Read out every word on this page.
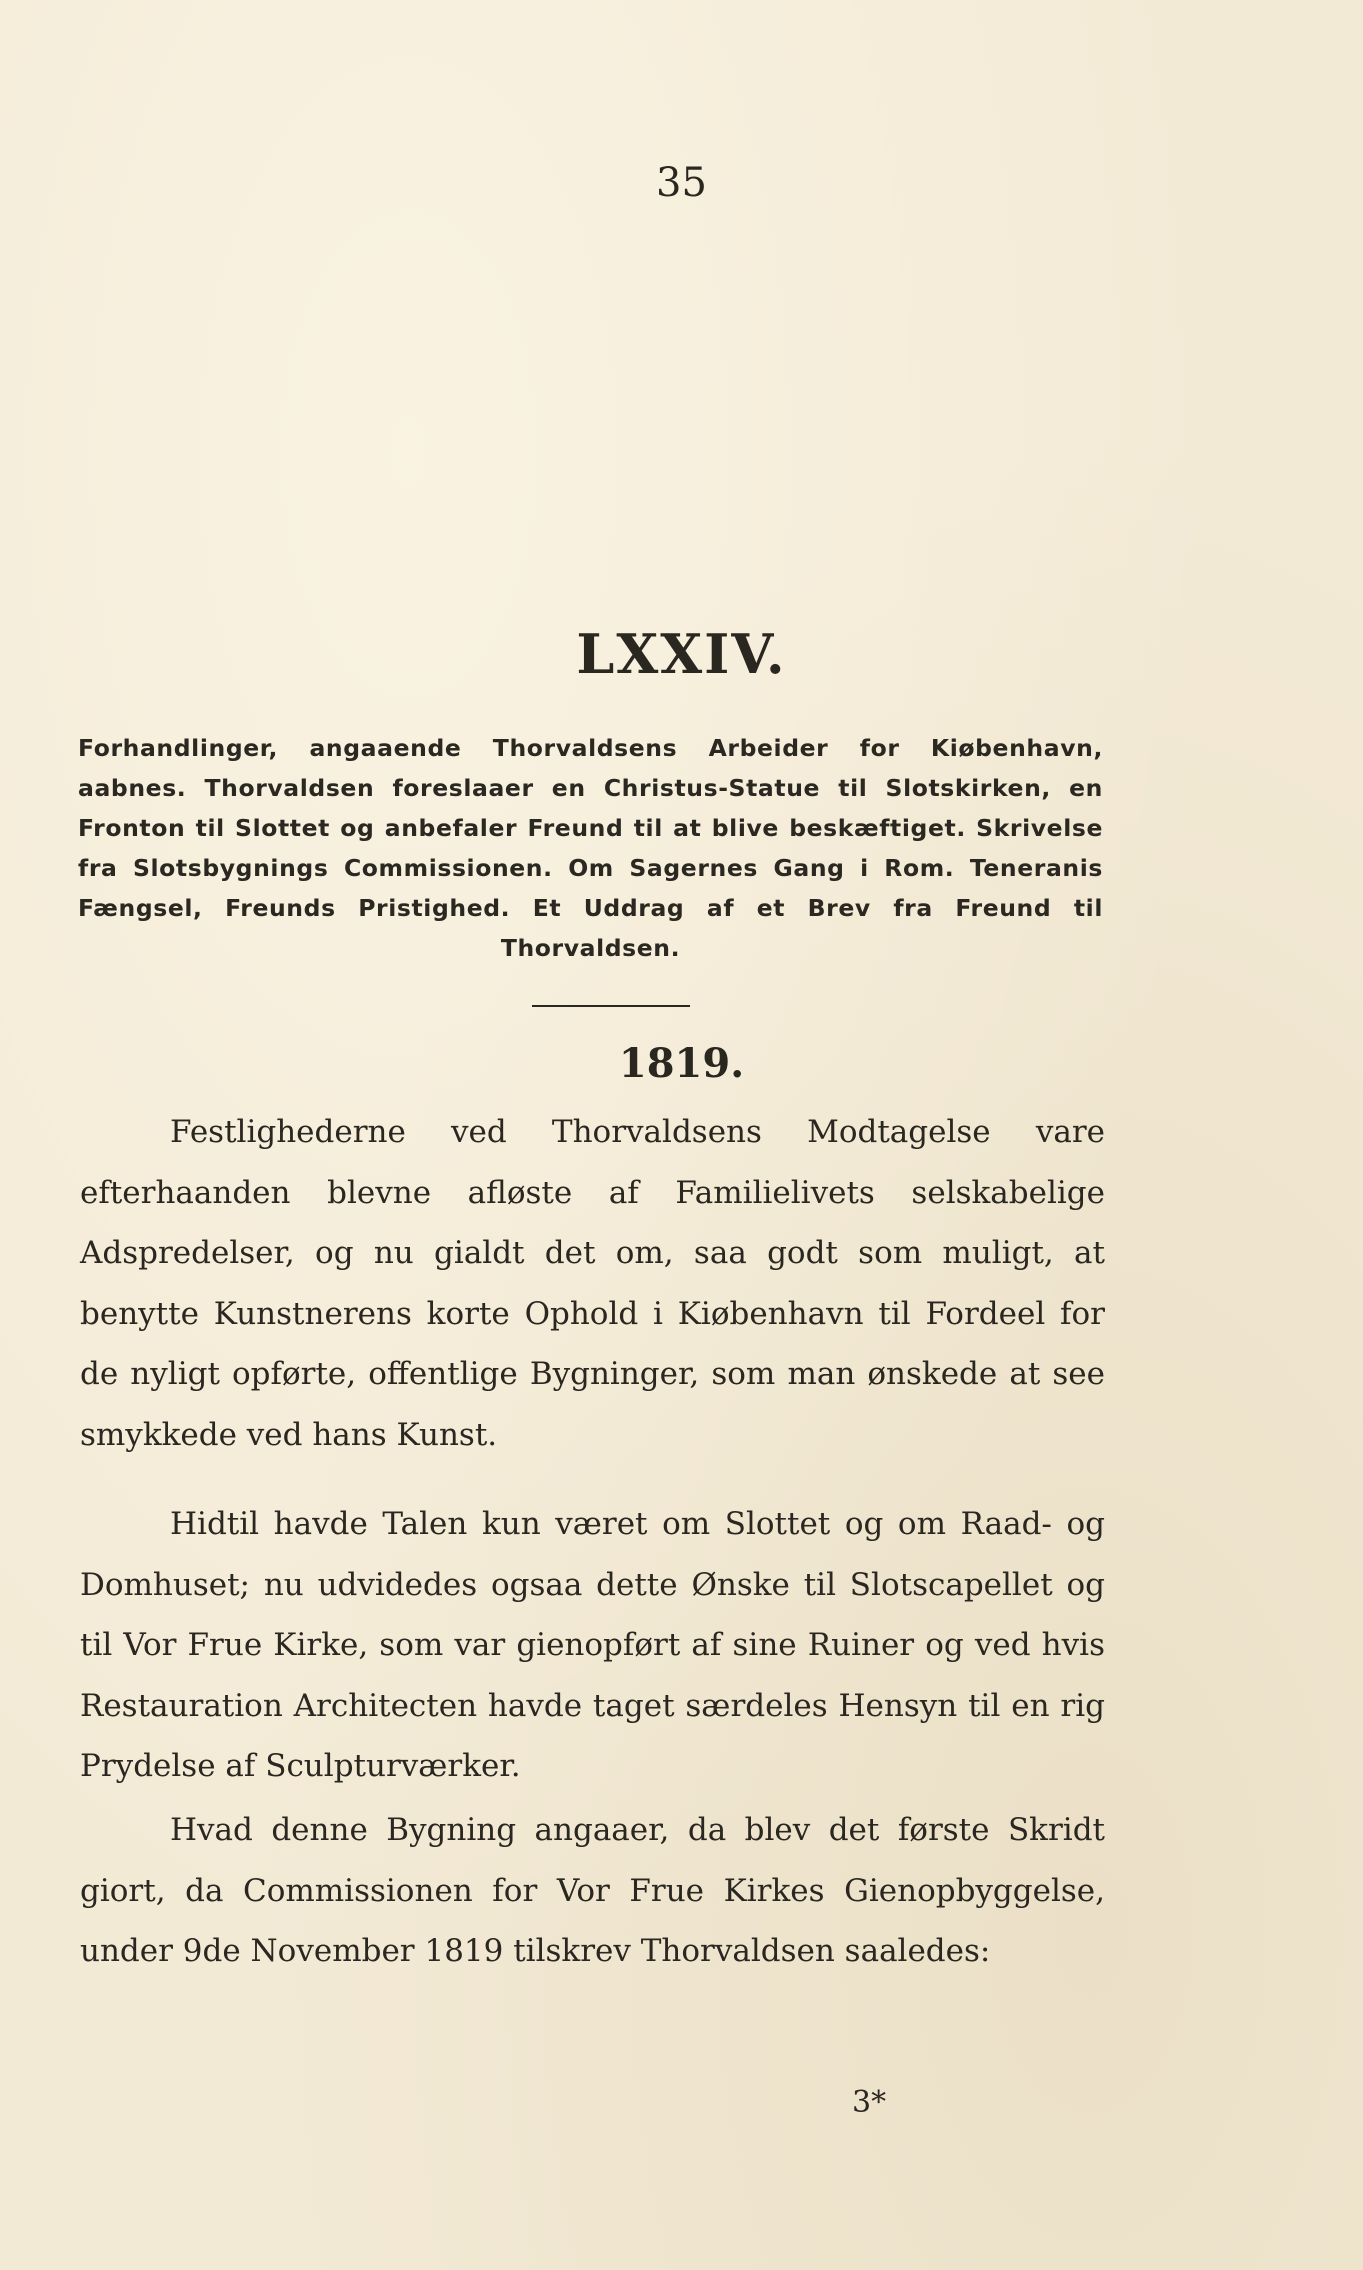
35
LXXIV.
Forhandlinger, angaaende Thorvaldsens Arbeider for Kiøbenhavn, aabnes. Thorvaldsen foreslaaer en Christus-Statue til Slotskirken, en Fronton til Slottet og anbefaler Freund til at blive beskæftiget. Skrivelse fra Slotsbygnings Commissionen. Om Sagernes Gang i Rom. Teneranis Fængsel, Freunds Pristighed. Et Uddrag af et Brev fra Freund til Thorvaldsen.
1819.

Festlighederne ved Thorvaldsens Modtagelse vare efterhaanden blevne afløste af Familielivets selskabelige Adspredelser, og nu gialdt det om, saa godt som muligt, at benytte Kunstnerens korte Ophold i Kiøbenhavn til Fordeel for de nyligt opførte, offentlige Bygninger, som man ønskede at see smykkede ved hans Kunst.

Hidtil havde Talen kun været om Slottet og om Raad- og Domhuset; nu udvidedes ogsaa dette Ønske til Slotscapellet og til Vor Frue Kirke, som var gienopført af sine Ruiner og ved hvis Restauration Architecten havde taget særdeles Hensyn til en rig Prydelse af Sculpturværker.

Hvad denne Bygning angaaer, da blev det første Skridt giort, da Commissionen for Vor Frue Kirkes Gienopbyggelse, under 9de November 1819 tilskrev Thorvaldsen saaledes:

3*
